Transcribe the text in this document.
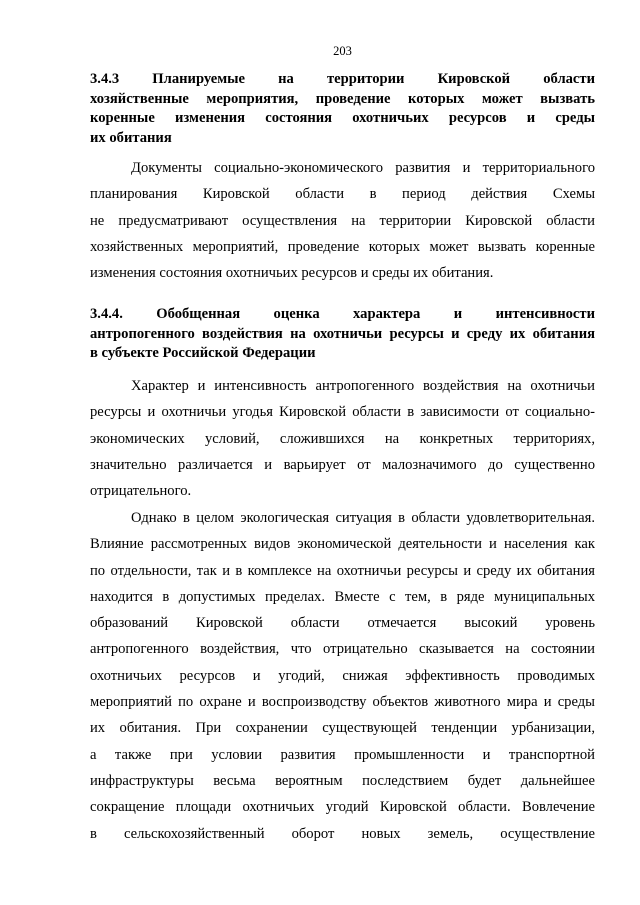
203
3.4.3 Планируемые на территории Кировской области
хозяйственные мероприятия, проведение которых может вызвать
коренные изменения состояния охотничьих ресурсов и среды
их обитания
Документы социально-экономического развития и территориального
планирования Кировской области в период действия Схемы
не предусматривают осуществления на территории Кировской области
хозяйственных мероприятий, проведение которых может вызвать коренные
изменения состояния охотничьих ресурсов и среды их обитания.
3.4.4. Обобщенная оценка характера и интенсивности
антропогенного воздействия на охотничьи ресурсы и среду их обитания
в субъекте Российской Федерации
Характер и интенсивность антропогенного воздействия на охотничьи
ресурсы и охотничьи угодья Кировской области в зависимости от социально-
экономических условий, сложившихся на конкретных территориях,
значительно различается и варьирует от малозначимого до существенно
отрицательного.
Однако в целом экологическая ситуация в области удовлетворительная.
Влияние рассмотренных видов экономической деятельности и населения как
по отдельности, так и в комплексе на охотничьи ресурсы и среду их обитания
находится в допустимых пределах. Вместе с тем, в ряде муниципальных
образований Кировской области отмечается высокий уровень
антропогенного воздействия, что отрицательно сказывается на состоянии
охотничьих ресурсов и угодий, снижая эффективность проводимых
мероприятий по охране и воспроизводству объектов животного мира и среды
их обитания. При сохранении существующей тенденции урбанизации,
а также при условии развития промышленности и транспортной
инфраструктуры весьма вероятным последствием будет дальнейшее
сокращение площади охотничьих угодий Кировской области. Вовлечение
в сельскохозяйственный оборот новых земель, осуществление
